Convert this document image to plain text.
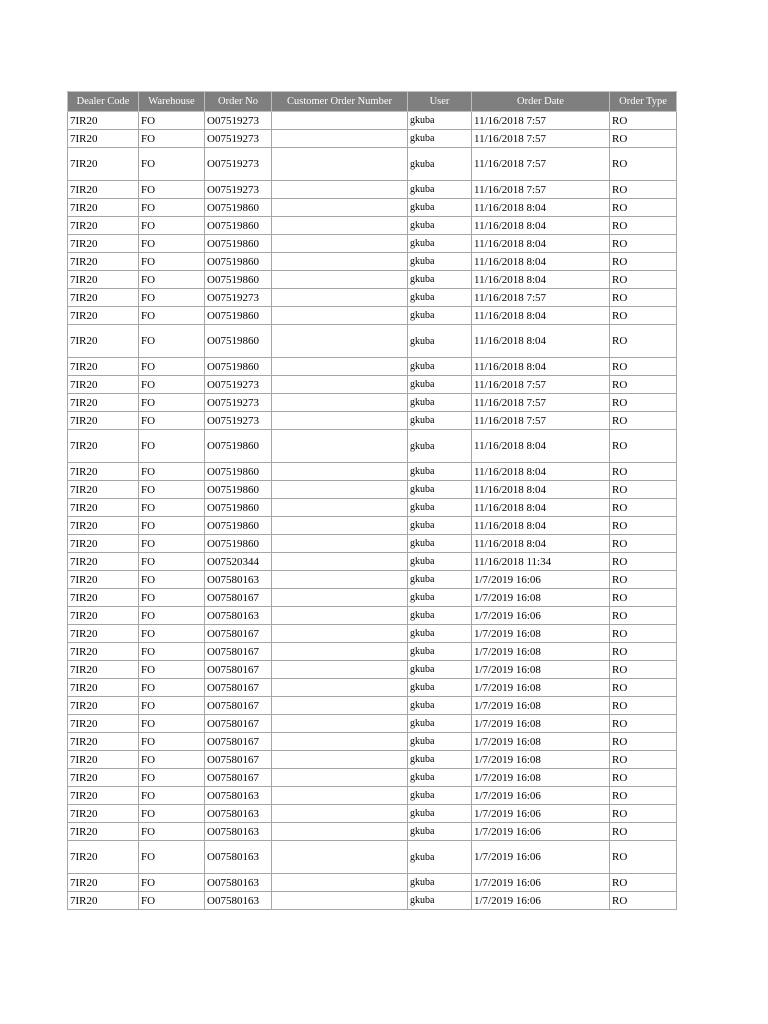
Dealer Code	Warehouse	Order No	Customer Order Number	User	Order Date	Order Type
7IR20	FO	O07519273		gkuba	11/16/2018 7:57	RO
7IR20	FO	O07519273		gkuba	11/16/2018 7:57	RO
7IR20	FO	O07519273		gkuba	11/16/2018 7:57	RO
7IR20	FO	O07519273		gkuba	11/16/2018 7:57	RO
7IR20	FO	O07519860		gkuba	11/16/2018 8:04	RO
7IR20	FO	O07519860		gkuba	11/16/2018 8:04	RO
7IR20	FO	O07519860		gkuba	11/16/2018 8:04	RO
7IR20	FO	O07519860		gkuba	11/16/2018 8:04	RO
7IR20	FO	O07519860		gkuba	11/16/2018 8:04	RO
7IR20	FO	O07519273		gkuba	11/16/2018 7:57	RO
7IR20	FO	O07519860		gkuba	11/16/2018 8:04	RO
7IR20	FO	O07519860		gkuba	11/16/2018 8:04	RO
7IR20	FO	O07519860		gkuba	11/16/2018 8:04	RO
7IR20	FO	O07519273		gkuba	11/16/2018 7:57	RO
7IR20	FO	O07519273		gkuba	11/16/2018 7:57	RO
7IR20	FO	O07519273		gkuba	11/16/2018 7:57	RO
7IR20	FO	O07519860		gkuba	11/16/2018 8:04	RO
7IR20	FO	O07519860		gkuba	11/16/2018 8:04	RO
7IR20	FO	O07519860		gkuba	11/16/2018 8:04	RO
7IR20	FO	O07519860		gkuba	11/16/2018 8:04	RO
7IR20	FO	O07519860		gkuba	11/16/2018 8:04	RO
7IR20	FO	O07519860		gkuba	11/16/2018 8:04	RO
7IR20	FO	O07520344		gkuba	11/16/2018 11:34	RO
7IR20	FO	O07580163		gkuba	1/7/2019 16:06	RO
7IR20	FO	O07580167		gkuba	1/7/2019 16:08	RO
7IR20	FO	O07580163		gkuba	1/7/2019 16:06	RO
7IR20	FO	O07580167		gkuba	1/7/2019 16:08	RO
7IR20	FO	O07580167		gkuba	1/7/2019 16:08	RO
7IR20	FO	O07580167		gkuba	1/7/2019 16:08	RO
7IR20	FO	O07580167		gkuba	1/7/2019 16:08	RO
7IR20	FO	O07580167		gkuba	1/7/2019 16:08	RO
7IR20	FO	O07580167		gkuba	1/7/2019 16:08	RO
7IR20	FO	O07580167		gkuba	1/7/2019 16:08	RO
7IR20	FO	O07580167		gkuba	1/7/2019 16:08	RO
7IR20	FO	O07580167		gkuba	1/7/2019 16:08	RO
7IR20	FO	O07580163		gkuba	1/7/2019 16:06	RO
7IR20	FO	O07580163		gkuba	1/7/2019 16:06	RO
7IR20	FO	O07580163		gkuba	1/7/2019 16:06	RO
7IR20	FO	O07580163		gkuba	1/7/2019 16:06	RO
7IR20	FO	O07580163		gkuba	1/7/2019 16:06	RO
7IR20	FO	O07580163		gkuba	1/7/2019 16:06	RO
